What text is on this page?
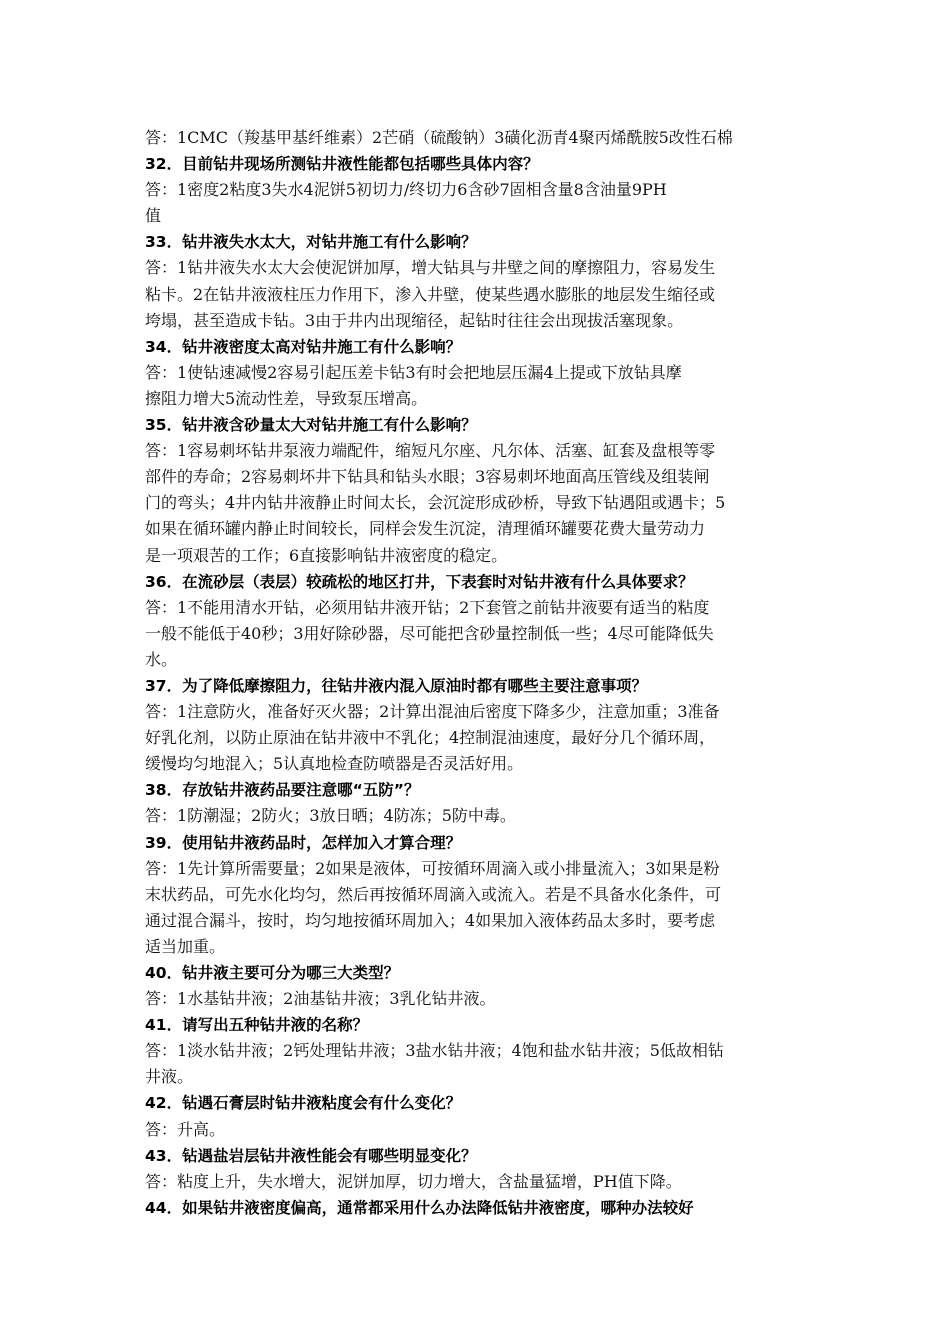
答：1CMC（羧基甲基纤维素）2芒硝（硫酸钠）3磺化沥青4聚丙烯酰胺5改性石棉
32．目前钻井现场所测钻井液性能都包括哪些具体内容？
答：1密度2粘度3失水4泥饼5初切力/终切力6含砂7固相含量8含油量9PH
值
33．钻井液失水太大，对钻井施工有什么影响？
答：1钻井液失水太大会使泥饼加厚，增大钻具与井壁之间的摩擦阻力，容易发生
粘卡。2在钻井液液柱压力作用下，渗入井壁，使某些遇水膨胀的地层发生缩径或
垮塌，甚至造成卡钻。3由于井内出现缩径，起钻时往往会出现拔活塞现象。
34．钻井液密度太高对钻井施工有什么影响？
答：1使钻速减慢2容易引起压差卡钻3有时会把地层压漏4上提或下放钻具摩
擦阻力增大5流动性差，导致泵压增高。
35．钻井液含砂量太大对钻井施工有什么影响？
答：1容易刺坏钻井泵液力端配件，缩短凡尔座、凡尔体、活塞、缸套及盘根等零
部件的寿命；2容易刺坏井下钻具和钻头水眼；3容易刺坏地面高压管线及组装闸
门的弯头；4井内钻井液静止时间太长，会沉淀形成砂桥，导致下钻遇阻或遇卡；5
如果在循环罐内静止时间较长，同样会发生沉淀，清理循环罐要花费大量劳动力
是一项艰苦的工作；6直接影响钻井液密度的稳定。
36．在流砂层（表层）较疏松的地区打井，下表套时对钻井液有什么具体要求？
答：1不能用清水开钻，必须用钻井液开钻；2下套管之前钻井液要有适当的粘度
一般不能低于40秒；3用好除砂器，尽可能把含砂量控制低一些；4尽可能降低失
水。
37．为了降低摩擦阻力，往钻井液内混入原油时都有哪些主要注意事项？
答：1注意防火，准备好灭火器；2计算出混油后密度下降多少，注意加重；3准备
好乳化剂，以防止原油在钻井液中不乳化；4控制混油速度，最好分几个循环周，
缓慢均匀地混入；5认真地检查防喷器是否灵活好用。
38．存放钻井液药品要注意哪“五防”？
答：1防潮湿；2防火；3放日晒；4防冻；5防中毒。
39．使用钻井液药品时，怎样加入才算合理？
答：1先计算所需要量；2如果是液体，可按循环周滴入或小排量流入；3如果是粉
末状药品，可先水化均匀，然后再按循环周滴入或流入。若是不具备水化条件，可
通过混合漏斗，按时，均匀地按循环周加入；4如果加入液体药品太多时，要考虑
适当加重。
40．钻井液主要可分为哪三大类型？
答：1水基钻井液；2油基钻井液；3乳化钻井液。
41．请写出五种钻井液的名称？
答：1淡水钻井液；2钙处理钻井液；3盐水钻井液；4饱和盐水钻井液；5低故相钻
井液。
42．钻遇石膏层时钻井液粘度会有什么变化？
答：升高。
43．钻遇盐岩层钻井液性能会有哪些明显变化？
答：粘度上升，失水增大，泥饼加厚，切力增大，含盐量猛增，PH值下降。
44．如果钻井液密度偏高，通常都采用什么办法降低钻井液密度，哪种办法较好
